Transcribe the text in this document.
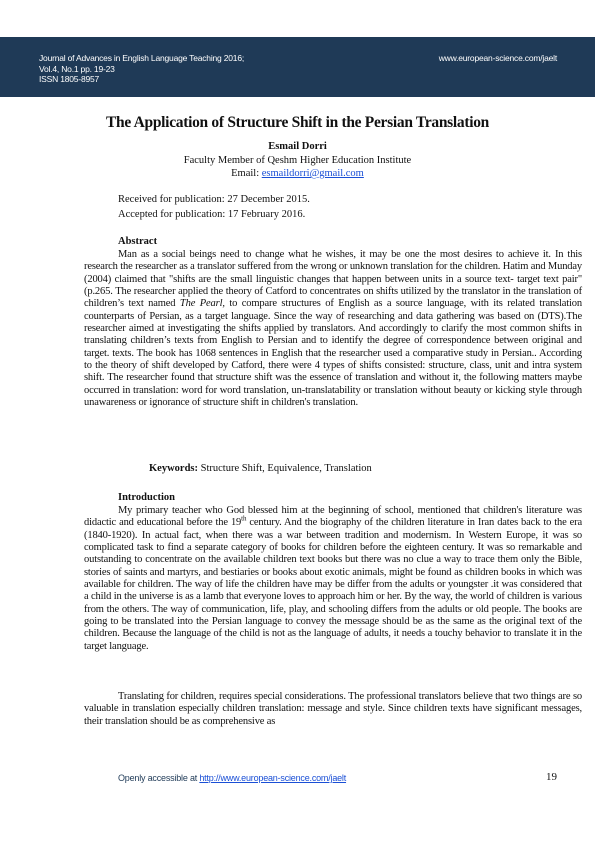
Journal of Advances in English Language Teaching 2016;
Vol.4, No.1 pp. 19-23
ISSN 1805-8957
www.european-science.com/jaelt
The Application of Structure Shift in the Persian Translation
Esmail Dorri
Faculty Member of Qeshm Higher Education Institute
Email: esmaildorri@gmail.com
Received for publication: 27 December 2015.
Accepted for publication: 17 February 2016.
Abstract

Man as a social beings need to change what he wishes, it may be one the most desires to achieve it. In this research the researcher as a translator suffered from the wrong or unknown translation for the children. Hatim and Munday (2004) claimed that "shifts are the small linguistic changes that happen between units in a source text- target text pair"(p.265. The researcher applied the theory of Catford to concentrates on shifts utilized by the translator in the translation of children’s text named The Pearl, to compare structures of English as a source language, with its related translation counterparts of Persian, as a target language. Since the way of researching and data gathering was based on (DTS).The researcher aimed at investigating the shifts applied by translators. And accordingly to clarify the most common shifts in translating children’s texts from English to Persian and to identify the degree of correspondence between original and target. texts. The book has 1068 sentences in English that the researcher used a comparative study in Persian.. According to the theory of shift developed by Catford, there were 4 types of shifts consisted: structure, class, unit and intra system shift. The researcher found that structure shift was the essence of translation and without it, the following matters maybe occurred in translation: word for word translation, un-translatability or translation without beauty or kicking style through unawareness or ignorance of structure shift in children's translation.

Keywords: Structure Shift, Equivalence, Translation
Introduction

My primary teacher who God blessed him at the beginning of school, mentioned that children's literature was didactic and educational before the 19th century. And the biography of the children literature in Iran dates back to the era (1840-1920). In actual fact, when there was a war between tradition and modernism. In Western Europe, it was so complicated task to find a separate category of books for children before the eighteen century. It was so remarkable and outstanding to concentrate on the available children text books but there was no clue a way to trace them only the Bible, stories of saints and martyrs, and bestiaries or books about exotic animals, might be found as children books in which was available for children. The way of life the children have may be differ from the adults or youngster .it was considered that a child in the universe is as a lamb that everyone loves to approach him or her. By the way, the world of children is various from the others. The way of communication, life, play, and schooling differs from the adults or old people. The books are going to be translated into the Persian language to convey the message should be as the same as the original text of the children. Because the language of the child is not as the language of adults, it needs a touchy behavior to translate it in the target language.

Translating for children, requires special considerations. The professional translators believe that two things are so valuable in translation especially children translation: message and style. Since children texts have significant messages, their translation should be as comprehensive as

Openly accessible at http://www.european-science.com/jaelt	19
